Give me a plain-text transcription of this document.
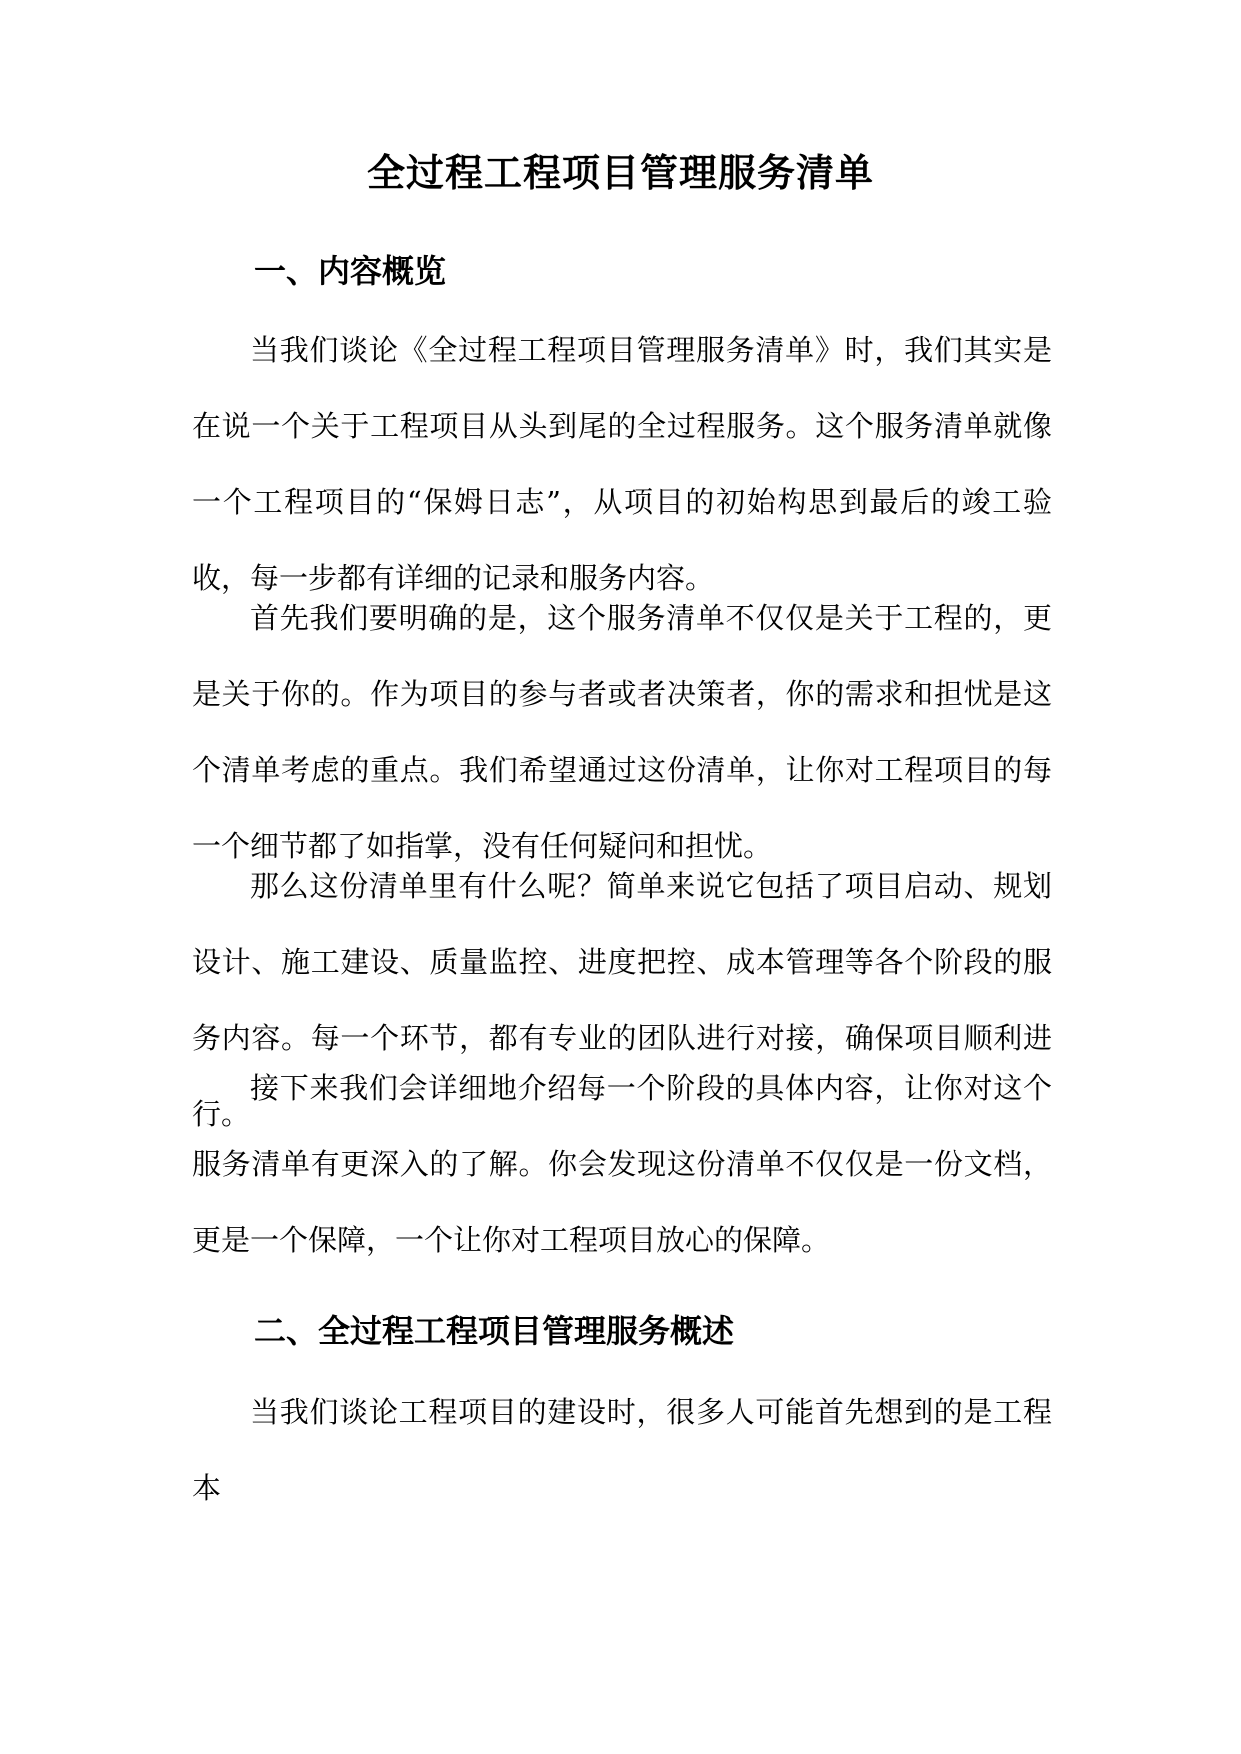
全过程工程项目管理服务清单
一、内容概览

当我们谈论《全过程工程项目管理服务清单》时，我们其实是在说一个关于工程项目从头到尾的全过程服务。这个服务清单就像一个工程项目的“保姆日志”，从项目的初始构思到最后的竣工验收，每一步都有详细的记录和服务内容。

首先我们要明确的是，这个服务清单不仅仅是关于工程的，更是关于你的。作为项目的参与者或者决策者，你的需求和担忧是这个清单考虑的重点。我们希望通过这份清单，让你对工程项目的每一个细节都了如指掌，没有任何疑问和担忧。

那么这份清单里有什么呢？简单来说它包括了项目启动、规划设计、施工建设、质量监控、进度把控、成本管理等各个阶段的服务内容。每一个环节，都有专业的团队进行对接，确保项目顺利进行。

接下来我们会详细地介绍每一个阶段的具体内容，让你对这个服务清单有更深入的了解。你会发现这份清单不仅仅是一份文档，更是一个保障，一个让你对工程项目放心的保障。

二、全过程工程项目管理服务概述

当我们谈论工程项目的建设时，很多人可能首先想到的是工程本
